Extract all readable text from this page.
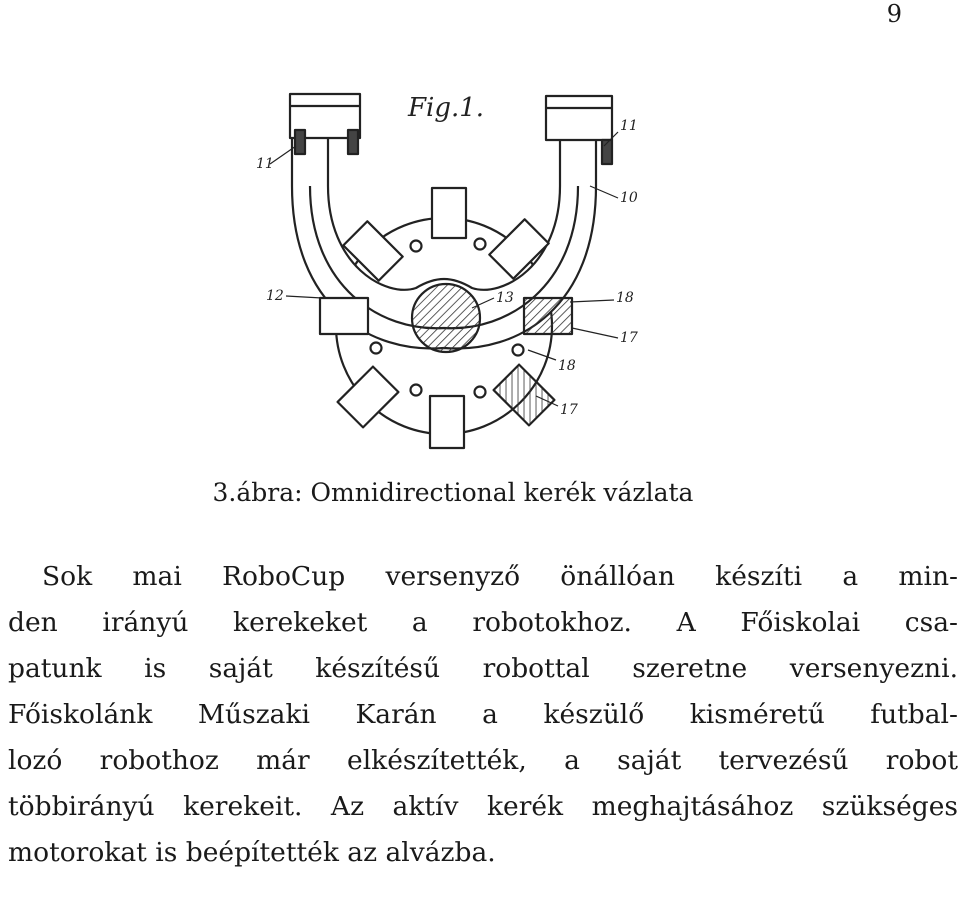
9
Fig.1.
11
11
10
12	18
18
17
17
13
3.ábra: Omnidirectional kerék vázlata
Sok mai RoboCup versenyző önállóan készíti a min-
den irányú kerekeket a robotokhoz. A Főiskolai csa-
patunk is saját készítésű robottal szeretne versenyezni.
Főiskolánk Műszaki Karán a készülő kisméretű futbal-
lozó robothoz már elkészítették, a saját tervezésű robot
többirányú kerekeit. Az aktív kerék meghajtásához szükséges
motorokat is beépítették az alvázba.
